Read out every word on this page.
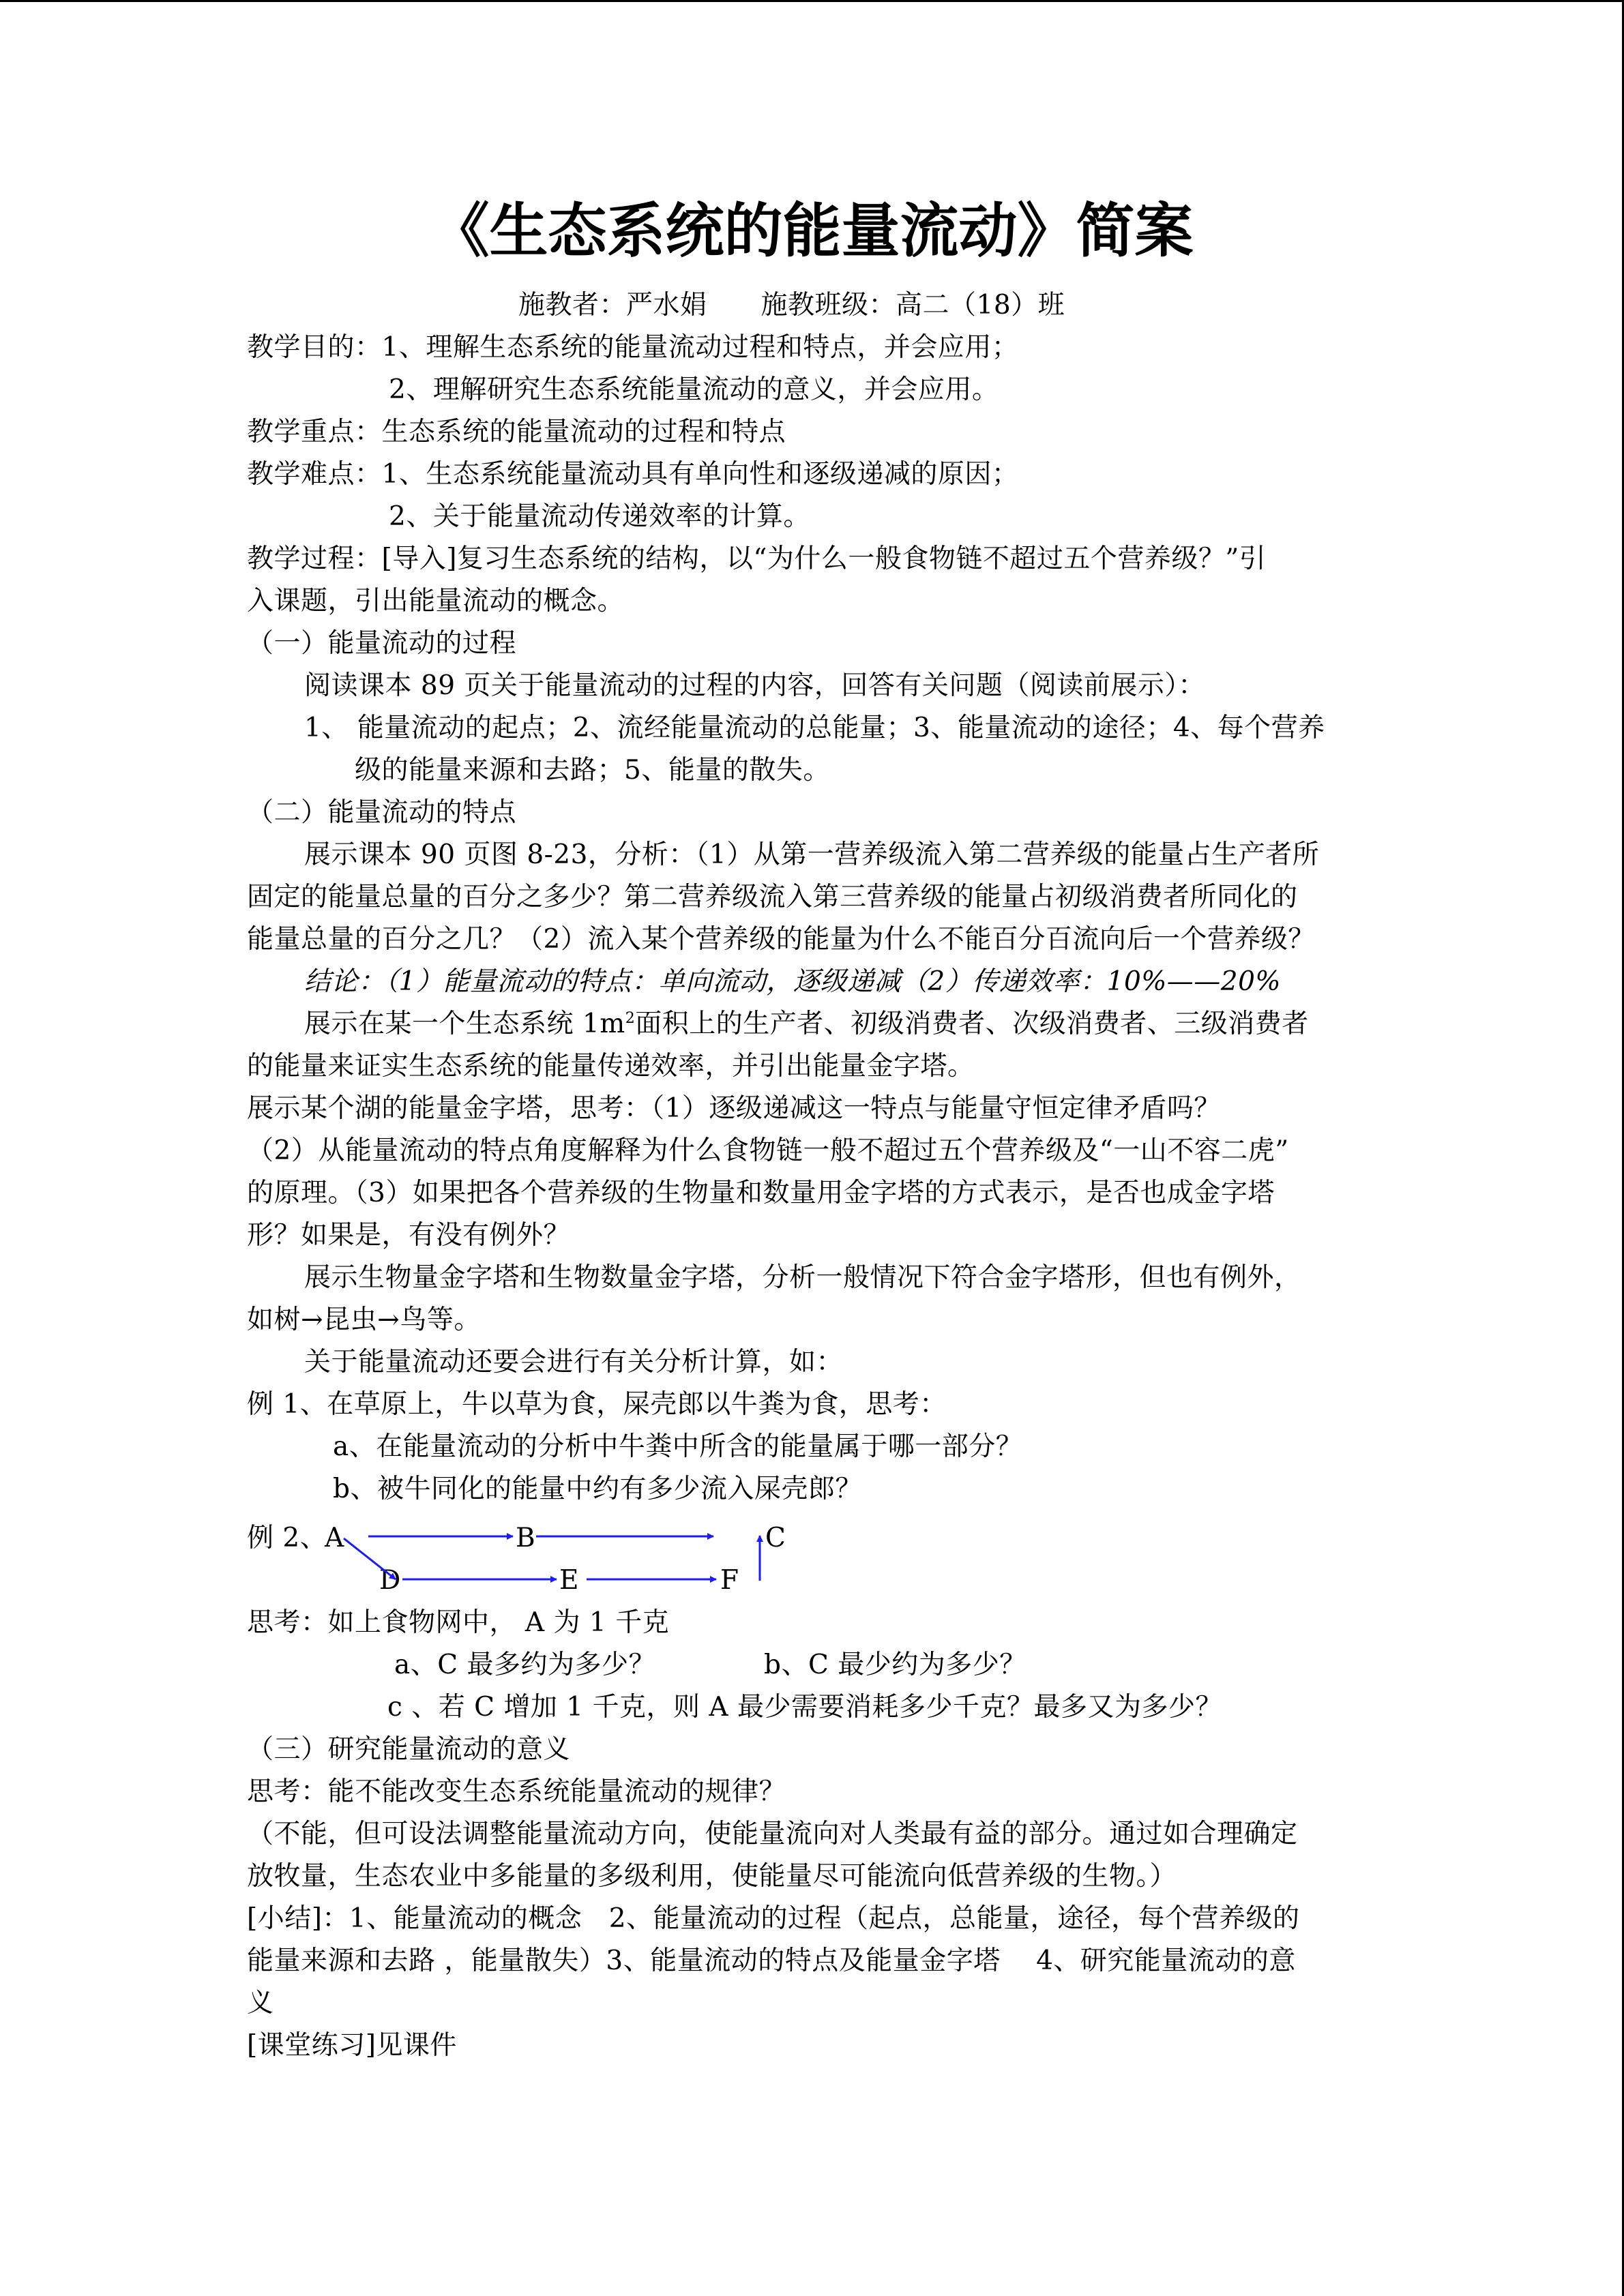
《生态系统的能量流动》简案
施教者：严水娟　　施教班级：高二（18）班
教学目的：1、理解生态系统的能量流动过程和特点，并会应用；
2、理解研究生态系统能量流动的意义，并会应用。
教学重点：生态系统的能量流动的过程和特点
教学难点：1、生态系统能量流动具有单向性和逐级递减的原因；
2、关于能量流动传递效率的计算。
教学过程：[导入]复习生态系统的结构，以“为什么一般食物链不超过五个营养级？”引
入课题，引出能量流动的概念。
（一）能量流动的过程
阅读课本 89 页关于能量流动的过程的内容，回答有关问题（阅读前展示）：
1、 能量流动的起点；2、流经能量流动的总能量；3、能量流动的途径；4、每个营养
级的能量来源和去路；5、能量的散失。
（二）能量流动的特点
展示课本 90 页图 8-23，分析：（1）从第一营养级流入第二营养级的能量占生产者所
固定的能量总量的百分之多少？第二营养级流入第三营养级的能量占初级消费者所同化的
能量总量的百分之几？（2）流入某个营养级的能量为什么不能百分百流向后一个营养级？
结论：（1）能量流动的特点：单向流动，逐级递减（2）传递效率：10%——20%
展示在某一个生态系统 $1m^2$面积上的生产者、初级消费者、次级消费者、三级消费者
的能量来证实生态系统的能量传递效率，并引出能量金字塔。
展示某个湖的能量金字塔，思考：（1）逐级递减这一特点与能量守恒定律矛盾吗？
（2）从能量流动的特点角度解释为什么食物链一般不超过五个营养级及“一山不容二虎”
的原理。（3）如果把各个营养级的生物量和数量用金字塔的方式表示，是否也成金字塔
形？如果是，有没有例外？
展示生物量金字塔和生物数量金字塔，分析一般情况下符合金字塔形，但也有例外，
如树→昆虫→鸟等。
关于能量流动还要会进行有关分析计算，如：
例 1、在草原上，牛以草为食，屎壳郎以牛粪为食，思考：
a、在能量流动的分析中牛粪中所含的能量属于哪一部分？
b、被牛同化的能量中约有多少流入屎壳郎？
例 2、
A	B	C
D	E	F
思考：如上食物网中， A 为 1 千克
a、C 最多约为多少？	b、C 最少约为多少？
c 、若 C 增加 1 千克，则 A 最少需要消耗多少千克？最多又为多少？
（三）研究能量流动的意义
思考：能不能改变生态系统能量流动的规律？
（不能，但可设法调整能量流动方向，使能量流向对人类最有益的部分。通过如合理确定
放牧量，生态农业中多能量的多级利用，使能量尽可能流向低营养级的生物。）
[小结]：1、能量流动的概念　2、能量流动的过程（起点，总能量，途径，每个营养级的
能量来源和去路 ，能量散失）3、能量流动的特点及能量金字塔　 4、研究能量流动的意
义
[课堂练习]见课件
